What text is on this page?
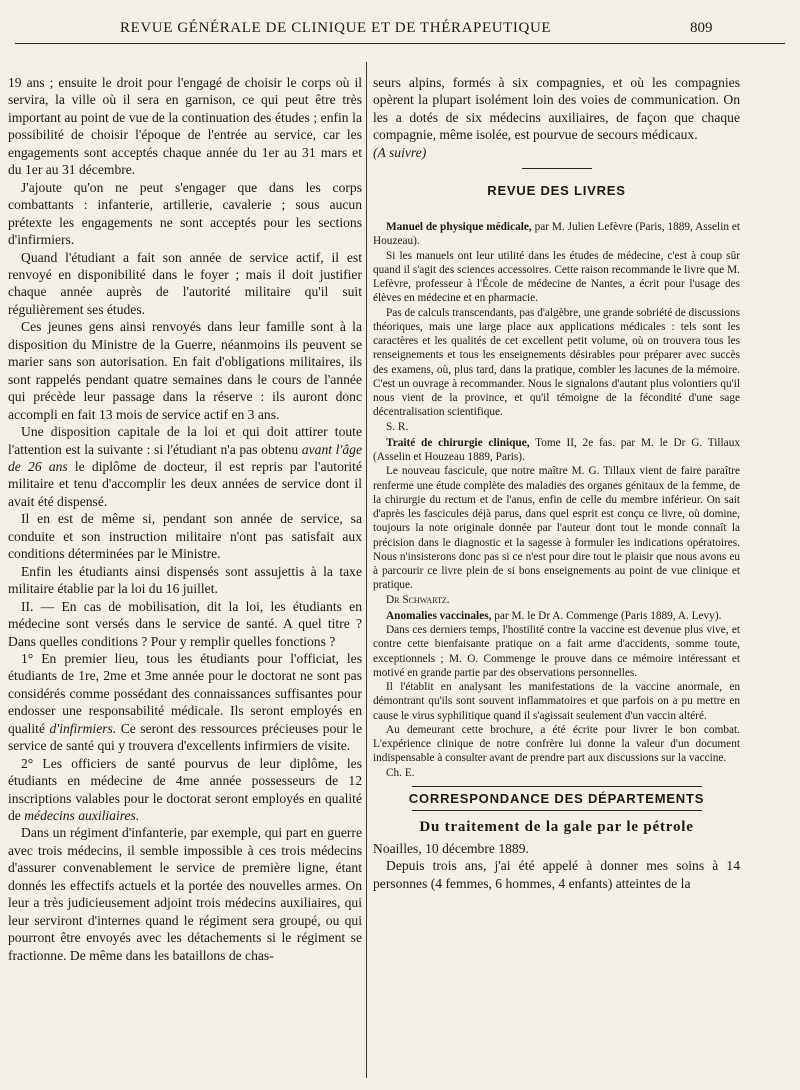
REVUE GÉNÉRALE DE CLINIQUE ET DE THÉRAPEUTIQUE	809

19 ans ; ensuite le droit pour l'engagé de choisir le corps où il servira, la ville où il sera en garnison, ce qui peut être très important au point de vue de la continuation des études ; enfin la possibilité de choisir l'époque de l'entrée au service, car les engagements sont acceptés chaque année du 1er au 31 mars et du 1er au 31 décembre.

J'ajoute qu'on ne peut s'engager que dans les corps combattants : infanterie, artillerie, cavalerie ; sous aucun prétexte les engagements ne sont acceptés pour les sections d'infirmiers.

Quand l'étudiant a fait son année de service actif, il est renvoyé en disponibilité dans le foyer ; mais il doit justifier chaque année auprès de l'autorité militaire qu'il suit régulièrement ses études.

Ces jeunes gens ainsi renvoyés dans leur famille sont à la disposition du Ministre de la Guerre, néanmoins ils peuvent se marier sans son autorisation. En fait d'obligations militaires, ils sont rappelés pendant quatre semaines dans le cours de l'année qui précède leur passage dans la réserve : ils auront donc accompli en fait 13 mois de service actif en 3 ans.

Une disposition capitale de la loi et qui doit attirer toute l'attention est la suivante : si l'étudiant n'a pas obtenu avant l'âge de 26 ans le diplôme de docteur, il est repris par l'autorité militaire et tenu d'accomplir les deux années de service dont il avait été dispensé.

Il en est de même si, pendant son année de service, sa conduite et son instruction militaire n'ont pas satisfait aux conditions déterminées par le Ministre.

Enfin les étudiants ainsi dispensés sont assujettis à la taxe militaire établie par la loi du 16 juillet.

II. — En cas de mobilisation, dit la loi, les étudiants en médecine sont versés dans le service de santé. A quel titre ? Dans quelles conditions ? Pour y remplir quelles fonctions ?

1° En premier lieu, tous les étudiants pour l'officiat, les étudiants de 1re, 2me et 3me année pour le doctorat ne sont pas considérés comme possédant des connaissances suffisantes pour endosser une responsabilité médicale. Ils seront employés en qualité d'infirmiers. Ce seront des ressources précieuses pour le service de santé qui y trouvera d'excellents infirmiers de visite.

2° Les officiers de santé pourvus de leur diplôme, les étudiants en médecine de 4me année possesseurs de 12 inscriptions valables pour le doctorat seront employés en qualité de médecins auxiliaires.

Dans un régiment d'infanterie, par exemple, qui part en guerre avec trois médecins, il semble impossible à ces trois médecins d'assurer convenablement le service de première ligne, étant donnés les effectifs actuels et la portée des nouvelles armes. On leur a très judicieusement adjoint trois médecins auxiliaires, qui leur serviront d'internes quand le régiment sera groupé, ou qui pourront être envoyés avec les détachements si le régiment se fractionne. De même dans les bataillons de chas-

seurs alpins, formés à six compagnies, et où les compagnies opèrent la plupart isolément loin des voies de communication. On les a dotés de six médecins auxiliaires, de façon que chaque compagnie, même isolée, est pourvue de secours médicaux.

(A suivre)

REVUE DES LIVRES

Manuel de physique médicale, par M. Julien Lefèvre (Paris, 1889, Asselin et Houzeau).

Si les manuels ont leur utilité dans les études de médecine, c'est à coup sûr quand il s'agit des sciences accessoires. Cette raison recommande le livre que M. Lefèvre, professeur à l'École de médecine de Nantes, a écrit pour l'usage des élèves en médecine et en pharmacie.

Pas de calculs transcendants, pas d'algèbre, une grande sobriété de discussions théoriques, mais une large place aux applications médicales : tels sont les caractères et les qualités de cet excellent petit volume, où on trouvera tous les renseignements et tous les enseignements désirables pour préparer avec succès des examens, où, plus tard, dans la pratique, combler les lacunes de la mémoire. C'est un ouvrage à recommander. Nous le signalons d'autant plus volontiers qu'il nous vient de la province, et qu'il témoigne de la fécondité d'une sage décentralisation scientifique.

S. R.

Traité de chirurgie clinique, Tome II, 2e fas. par M. le Dr G. Tillaux (Asselin et Houzeau 1889, Paris).

Le nouveau fascicule, que notre maître M. G. Tillaux vient de faire paraître renferme une étude complète des maladies des organes génitaux de la femme, de la chirurgie du rectum et de l'anus, enfin de celle du membre inférieur. On sait d'après les fascicules déjà parus, dans quel esprit est conçu ce livre, où domine, toujours la note originale donnée par l'auteur dont tout le monde connaît la précision dans le diagnostic et la sagesse à formuler les indications opératoires. Nous n'insisterons donc pas si ce n'est pour dire tout le plaisir que nous avons eu à parcourir ce livre plein de si bons enseignements au point de vue clinique et pratique.

Dr Schwartz.

Anomalies vaccinales, par M. le Dr A. Commenge (Paris 1889, A. Levy).

Dans ces derniers temps, l'hostilité contre la vaccine est devenue plus vive, et contre cette bienfaisante pratique on a fait arme d'accidents, somme toute, exceptionnels ; M. O. Commenge le prouve dans ce mémoire intéressant et motivé en grande partie par des observations personnelles.

Il l'établit en analysant les manifestations de la vaccine anormale, en démontrant qu'ils sont souvent inflammatoires et que parfois on a pu mettre en cause le virus syphilitique quand il s'agissait seulement d'un vaccin altéré.

Au demeurant cette brochure, a été écrite pour livrer le bon combat. L'expérience clinique de notre confrère lui donne la valeur d'un document indispensable à consulter avant de prendre part aux discussions sur la vaccine.

Ch. E.

CORRESPONDANCE DES DÉPARTEMENTS
Du traitement de la gale par le pétrole

Noailles, 10 décembre 1889.

Depuis trois ans, j'ai été appelé à donner mes soins à 14 personnes (4 femmes, 6 hommes, 4 enfants) atteintes de la
